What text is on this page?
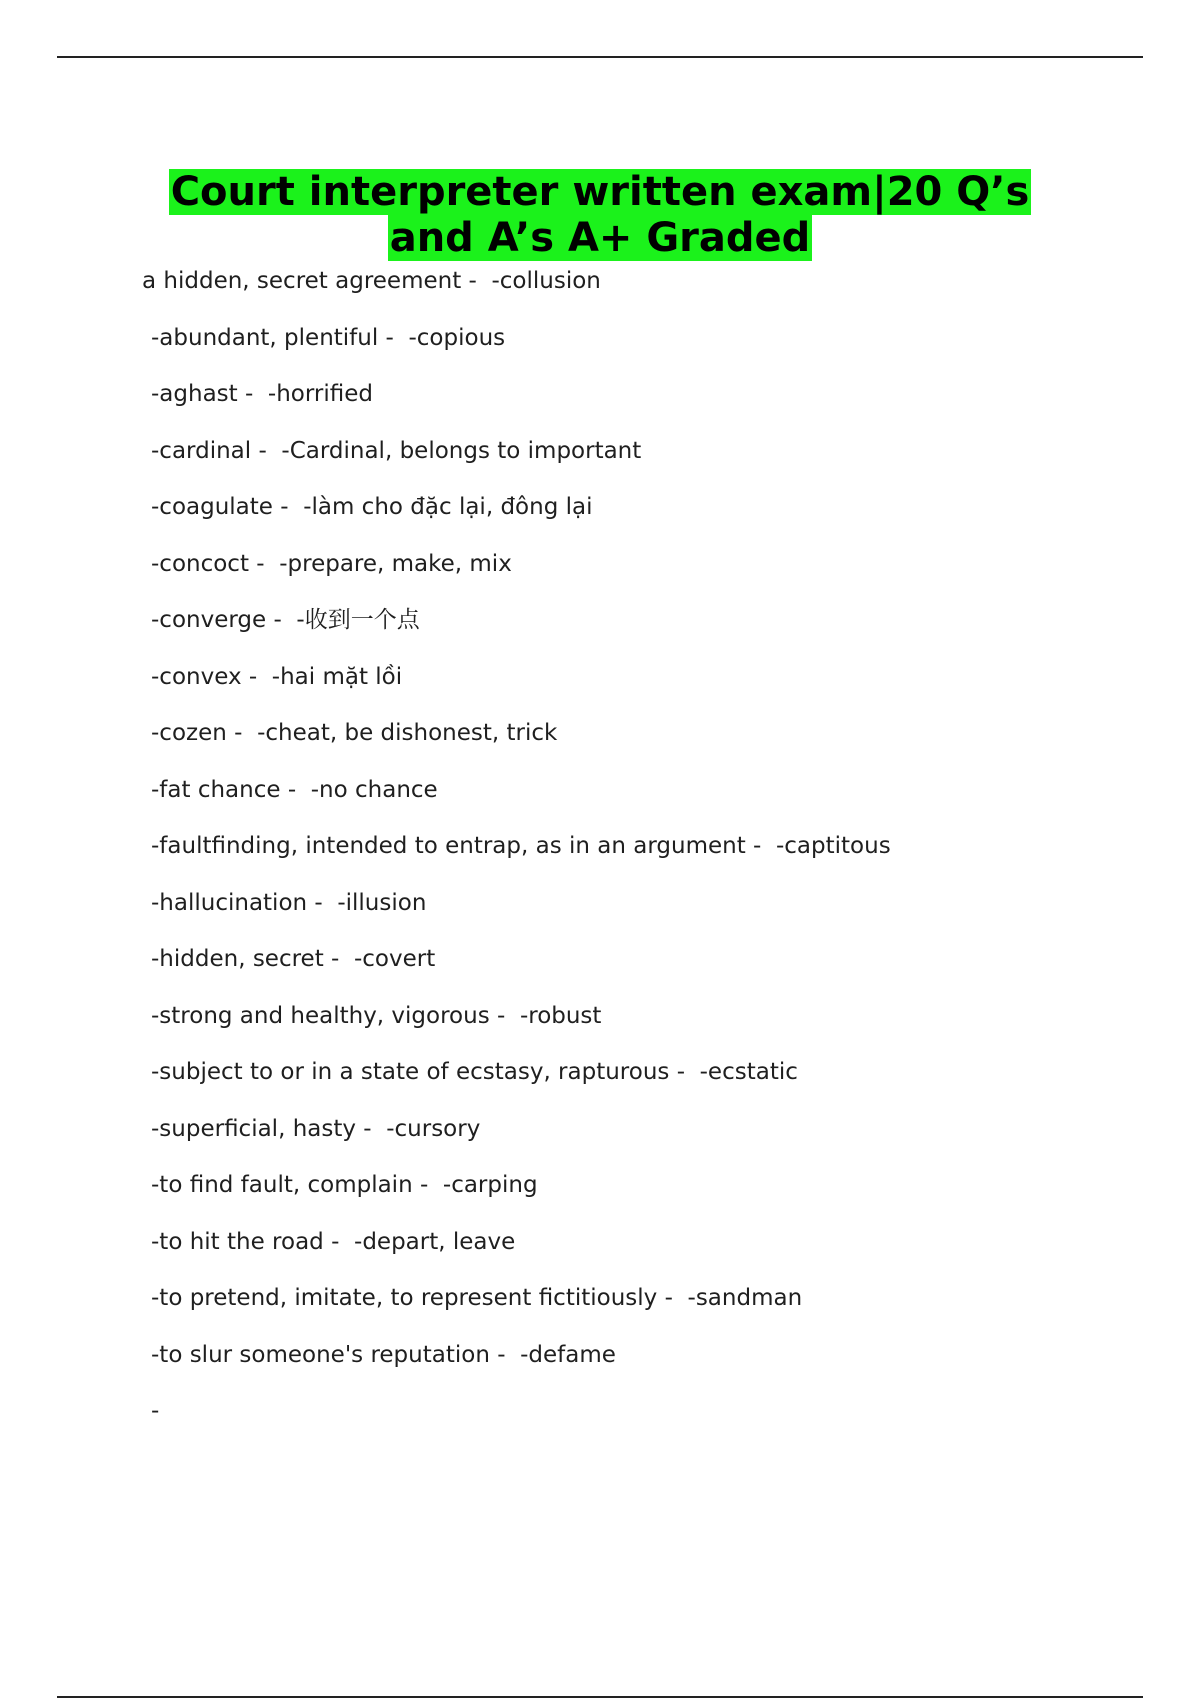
Court interpreter written exam|20 Q’s
and A’s A+ Graded
a hidden, secret agreement -  -collusion
-abundant, plentiful -  -copious
-aghast -  -horrified
-cardinal -  -Cardinal, belongs to important
-coagulate -  -làm cho đặc lại, đông lại
-concoct -  -prepare, make, mix
-converge -  -收到一个点
-convex -  -hai mặt lồi
-cozen -  -cheat, be dishonest, trick
-fat chance -  -no chance
-faultfinding, intended to entrap, as in an argument -  -captitous
-hallucination -  -illusion
-hidden, secret -  -covert
-strong and healthy, vigorous -  -robust
-subject to or in a state of ecstasy, rapturous -  -ecstatic
-superficial, hasty -  -cursory
-to find fault, complain -  -carping
-to hit the road -  -depart, leave
-to pretend, imitate, to represent fictitiously -  -sandman
-to slur someone's reputation -  -defame
-
